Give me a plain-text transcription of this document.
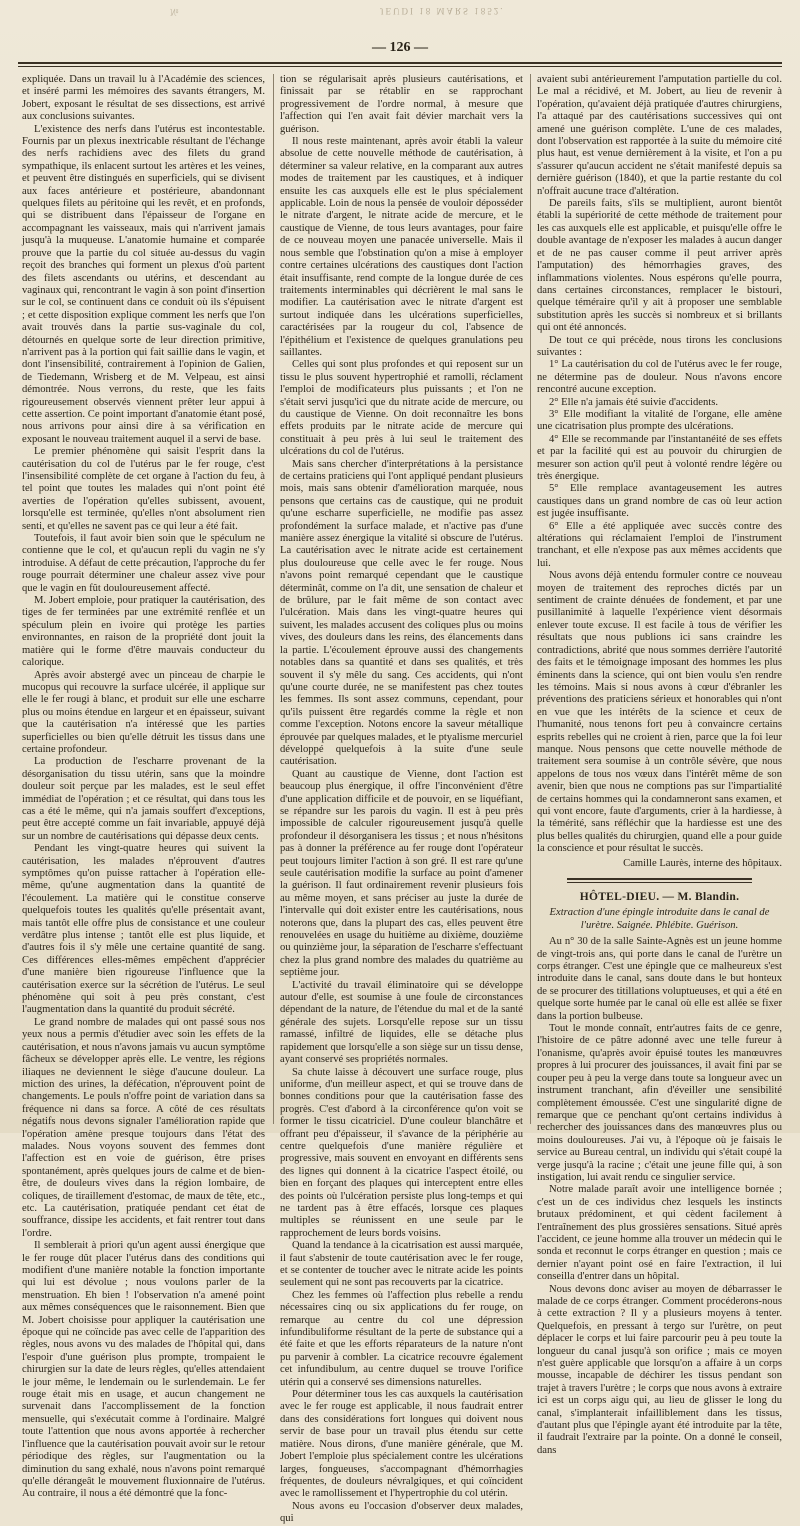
№	JEUDI 18 MARS 1852.
— 126 —

expliquée. Dans un travail lu à l'Académie des sciences, et inséré parmi les mémoires des savants étrangers, M. Jobert, exposant le résultat de ses dissections, est arrivé aux conclusions suivantes.

L'existence des nerfs dans l'utérus est incontestable. Fournis par un plexus inextricable résultant de l'échange des nerfs rachidiens avec des filets du grand sympathique, ils enlacent surtout les artères et les veines, et peuvent être distingués en superficiels, qui se divisent aux faces antérieure et postérieure, abandonnant quelques filets au péritoine qui les revêt, et en profonds, qui se distribuent dans l'épaisseur de l'organe en accompagnant les vaisseaux, mais qui n'arrivent jamais jusqu'à la muqueuse. L'anatomie humaine et comparée prouve que la partie du col située au-dessus du vagin reçoit des branches qui forment un plexus d'où partent des filets ascendants ou utérins, et descendant au vaginaux qui, rencontrant le vagin à son point d'insertion sur le col, se continuent dans ce conduit où ils s'épuisent ; et cette disposition explique comment les nerfs que l'on avait trouvés dans la partie sus-vaginale du col, détournés en quelque sorte de leur direction primitive, n'arrivent pas à la portion qui fait saillie dans le vagin, et dont l'insensibilité, contrairement à l'opinion de Galien, de Tiedemann, Wrisberg et de M. Velpeau, est ainsi démontrée. Nous verrons, du reste, que les faits rigoureusement observés viennent prêter leur appui à cette assertion. Ce point important d'anatomie étant posé, nous arrivons pour ainsi dire à sa vérification en exposant le nouveau traitement auquel il a servi de base.

Le premier phénomène qui saisit l'esprit dans la cautérisation du col de l'utérus par le fer rouge, c'est l'insensibilité complète de cet organe à l'action du feu, à tel point que toutes les malades qui n'ont point été averties de l'opération qu'elles subissent, avouent, lorsqu'elle est terminée, qu'elles n'ont absolument rien senti, et qu'elles ne savent pas ce qui leur a été fait.

Toutefois, il faut avoir bien soin que le spéculum ne contienne que le col, et qu'aucun repli du vagin ne s'y introduise. A défaut de cette précaution, l'approche du fer rouge pourrait déterminer une chaleur assez vive pour que le vagin en fût douloureusement affecté.

M. Jobert emploie, pour pratiquer la cautérisation, des tiges de fer terminées par une extrémité renflée et un spéculum plein en ivoire qui protège les parties environnantes, en raison de la propriété dont jouit la matière qui le forme d'être mauvais conducteur du calorique.

Après avoir abstergé avec un pinceau de charpie le mucopus qui recouvre la surface ulcérée, il applique sur elle le fer rougi à blanc, et produit sur elle une escharre plus ou moins étendue en largeur et en épaisseur, suivant que la cautérisation n'a intéressé que les parties superficielles ou bien qu'elle détruit les tissus dans une certaine profondeur.

La production de l'escharre provenant de la désorganisation du tissu utérin, sans que la moindre douleur soit perçue par les malades, est le seul effet immédiat de l'opération ; et ce résultat, qui dans tous les cas a été le même, qui n'a jamais souffert d'exceptions, peut être accepté comme un fait invariable, appuyé déjà sur un nombre de cautérisations qui dépasse deux cents.

Pendant les vingt-quatre heures qui suivent la cautérisation, les malades n'éprouvent d'autres symptômes qu'on puisse rattacher à l'opération elle-même, qu'une augmentation dans la quantité de l'écoulement. La matière qui le constitue conserve quelquefois toutes les qualités qu'elle présentait avant, mais tantôt elle offre plus de consistance et une couleur verdâtre plus intense ; tantôt elle est plus liquide, et d'autres fois il s'y mêle une certaine quantité de sang. Ces différences elles-mêmes empêchent d'apprécier d'une manière bien rigoureuse l'influence que la cautérisation exerce sur la sécrétion de l'utérus. Le seul phénomène qui soit à peu près constant, c'est l'augmentation dans la quantité du produit sécrété.

Le grand nombre de malades qui ont passé sous nos yeux nous a permis d'étudier avec soin les effets de la cautérisation, et nous n'avons jamais vu aucun symptôme fâcheux se développer après elle. Le ventre, les régions iliaques ne deviennent le siège d'aucune douleur. La miction des urines, la défécation, n'éprouvent point de changements. Le pouls n'offre point de variation dans sa fréquence ni dans sa force. A côté de ces résultats négatifs nous devons signaler l'amélioration rapide que l'opération amène presque toujours dans l'état des malades. Nous voyons souvent des femmes dont l'affection est en voie de guérison, être prises spontanément, après quelques jours de calme et de bien-être, de douleurs vives dans la région lombaire, de coliques, de tiraillement d'estomac, de maux de tête, etc., etc. La cautérisation, pratiquée pendant cet état de souffrance, dissipe les accidents, et fait rentrer tout dans l'ordre.

Il semblerait à priori qu'un agent aussi énergique que le fer rouge dût placer l'utérus dans des conditions qui modifient d'une manière notable la fonction importante qui lui est dévolue ; nous voulons parler de la menstruation. Eh bien ! l'observation n'a amené point aux mêmes conséquences que le raisonnement. Bien que M. Jobert choisisse pour appliquer la cautérisation une époque qui ne coïncide pas avec celle de l'apparition des règles, nous avons vu des malades de l'hôpital qui, dans l'espoir d'une guérison plus prompte, trompaient le chirurgien sur la date de leurs règles, qu'elles attendaient le jour même, le lendemain ou le surlendemain. Le fer rouge était mis en usage, et aucun changement ne survenait dans l'accomplissement de la fonction mensuelle, qui s'exécutait comme à l'ordinaire. Malgré toute l'attention que nous avons apportée à rechercher l'influence que la cautérisation pouvait avoir sur le retour périodique des règles, sur l'augmentation ou la diminution du sang exhalé, nous n'avons point remarqué qu'elle dérangeât le mouvement fluxionnaire de l'utérus. Au contraire, il nous a été démontré que la fonc-

tion se régularisait après plusieurs cautérisations, et finissait par se rétablir en se rapprochant progressivement de l'ordre normal, à mesure que l'affection qui l'en avait fait dévier marchait vers la guérison.

Il nous reste maintenant, après avoir établi la valeur absolue de cette nouvelle méthode de cautérisation, à déterminer sa valeur relative, en la comparant aux autres modes de traitement par les caustiques, et à indiquer ensuite les cas auxquels elle est le plus spécialement applicable. Loin de nous la pensée de vouloir déposséder le nitrate d'argent, le nitrate acide de mercure, et le caustique de Vienne, de tous leurs avantages, pour faire de ce nouveau moyen une panacée universelle. Mais il nous semble que l'obstination qu'on a mise à employer contre certaines ulcérations des caustiques dont l'action était insuffisante, rend compte de la longue durée de ces traitements interminables qui décrièrent le mal sans le modifier. La cautérisation avec le nitrate d'argent est surtout indiquée dans les ulcérations superficielles, caractérisées par la rougeur du col, l'absence de l'épithélium et l'existence de quelques granulations peu saillantes.

Celles qui sont plus profondes et qui reposent sur un tissu le plus souvent hypertrophié et ramolli, réclament l'emploi de modificateurs plus puissants ; et l'on ne s'était servi jusqu'ici que du nitrate acide de mercure, ou du caustique de Vienne. On doit reconnaître les bons effets produits par le nitrate acide de mercure qui constituait à peu près à lui seul le traitement des ulcérations du col de l'utérus.

Mais sans chercher d'interprétations à la persistance de certains praticiens qui l'ont appliqué pendant plusieurs mois, mais sans obtenir d'amélioration marquée, nous pensons que certains cas de caustique, qui ne produit qu'une escharre superficielle, ne modifie pas assez profondément la surface malade, et n'active pas d'une manière assez énergique la vitalité si obscure de l'utérus. La cautérisation avec le nitrate acide est certainement plus douloureuse que celle avec le fer rouge. Nous n'avons point remarqué cependant que le caustique déterminât, comme on l'a dit, une sensation de chaleur et de brûlure, par le fait même de son contact avec l'ulcération. Mais dans les vingt-quatre heures qui suivent, les malades accusent des coliques plus ou moins vives, des douleurs dans les reins, des élancements dans la partie. L'écoulement éprouve aussi des changements notables dans sa quantité et dans ses qualités, et très souvent il s'y mêle du sang. Ces accidents, qui n'ont qu'une courte durée, ne se manifestent pas chez toutes les femmes. Ils sont assez communs, cependant, pour qu'ils puissent être regardés comme la règle et non comme l'exception. Notons encore la saveur métallique éprouvée par quelques malades, et le ptyalisme mercuriel développé quelquefois à la suite d'une seule cautérisation.

Quant au caustique de Vienne, dont l'action est beaucoup plus énergique, il offre l'inconvénient d'être d'une application difficile et de pouvoir, en se liquéfiant, se répandre sur les parois du vagin. Il est à peu près impossible de calculer rigoureusement jusqu'à quelle profondeur il désorganisera les tissus ; et nous n'hésitons pas à donner la préférence au fer rouge dont l'opérateur peut toujours limiter l'action à son gré. Il est rare qu'une seule cautérisation modifie la surface au point d'amener la guérison. Il faut ordinairement revenir plusieurs fois au même moyen, et sans préciser au juste la durée de l'intervalle qui doit exister entre les cautérisations, nous noterons que, dans la plupart des cas, elles peuvent être renouvelées en usage du huitième au dixième, douzième ou quinzième jour, la séparation de l'escharre s'effectuant chez la plus grand nombre des malades du quatrième au septième jour.

L'activité du travail éliminatoire qui se développe autour d'elle, est soumise à une foule de circonstances dépendant de la nature, de l'étendue du mal et de la santé générale des sujets. Lorsqu'elle repose sur un tissu ramassé, infiltré de liquides, elle se détache plus rapidement que lorsqu'elle a son siège sur un tissu dense, ayant conservé ses propriétés normales.

Sa chute laisse à découvert une surface rouge, plus uniforme, d'un meilleur aspect, et qui se trouve dans de bonnes conditions pour que la cautérisation fasse des progrès. C'est d'abord à la circonférence qu'on voit se former le tissu cicatriciel. D'une couleur blanchâtre et offrant peu d'épaisseur, il s'avance de la périphérie au centre quelquefois d'une manière régulière et progressive, mais souvent en envoyant en différents sens des lignes qui donnent à la cicatrice l'aspect étoilé, ou bien en forçant des plaques qui interceptent entre elles des points où l'ulcération persiste plus long-temps et qui ne tardent pas à être effacés, lorsque ces plaques multiples se réunissent en une seule par le rapprochement de leurs bords voisins.

Quand la tendance à la cicatrisation est aussi marquée, il faut s'abstenir de toute cautérisation avec le fer rouge, et se contenter de toucher avec le nitrate acide les points seulement qui ne sont pas recouverts par la cicatrice.

Chez les femmes où l'affection plus rebelle a rendu nécessaires cinq ou six applications du fer rouge, on remarque au centre du col une dépression infundibuliforme résultant de la perte de substance qui a été faite et que les efforts réparateurs de la nature n'ont pu parvenir à combler. La cicatrice recouvre également cet infundibulum, au centre duquel se trouve l'orifice utérin qui a conservé ses dimensions naturelles.

Pour déterminer tous les cas auxquels la cautérisation avec le fer rouge est applicable, il nous faudrait entrer dans des considérations fort longues qui doivent nous servir de base pour un travail plus étendu sur cette matière. Nous dirons, d'une manière générale, que M. Jobert l'emploie plus spécialement contre les ulcérations larges, fongueuses, s'accompagnant d'hémorrhagies fréquentes, de douleurs névralgiques, et qui coïncident avec le ramollissement et l'hypertrophie du col utérin.

Nous avons eu l'occasion d'observer deux malades, qui

avaient subi antérieurement l'amputation partielle du col. Le mal a récidivé, et M. Jobert, au lieu de revenir à l'opération, qu'avaient déjà pratiquée d'autres chirurgiens, l'a attaqué par des cautérisations successives qui ont amené une guérison complète. L'une de ces malades, dont l'observation est rapportée à la suite du mémoire cité plus haut, est venue dernièrement à la visite, et l'on a pu s'assurer qu'aucun accident ne s'était manifesté depuis sa dernière guérison (1840), et que la partie restante du col n'offrait aucune trace d'altération.

De pareils faits, s'ils se multiplient, auront bientôt établi la supériorité de cette méthode de traitement pour les cas auxquels elle est applicable, et puisqu'elle offre le double avantage de n'exposer les malades à aucun danger et de ne pas causer comme il peut arriver après l'amputation) des hémorrhagies graves, des inflammations violentes. Nous espérons qu'elle pourra, dans certaines circonstances, remplacer le bistouri, quelque téméraire qu'il y ait à proposer une semblable substitution après les succès si nombreux et si brillants qui ont été annoncés.

De tout ce qui précède, nous tirons les conclusions suivantes :

1° La cautérisation du col de l'utérus avec le fer rouge, ne détermine pas de douleur. Nous n'avons encore rencontré aucune exception.

2° Elle n'a jamais été suivie d'accidents.

3° Elle modifiant la vitalité de l'organe, elle amène une cicatrisation plus prompte des ulcérations.

4° Elle se recommande par l'instantanéité de ses effets et par la facilité qui est au pouvoir du chirurgien de mesurer son action qu'il peut à volonté rendre légère ou très énergique.

5° Elle remplace avantageusement les autres caustiques dans un grand nombre de cas où leur action est jugée insuffisante.

6° Elle a été appliquée avec succès contre des altérations qui réclamaient l'emploi de l'instrument tranchant, et elle n'expose pas aux mêmes accidents que lui.

Nous avons déjà entendu formuler contre ce nouveau moyen de traitement des reproches dictés par un sentiment de crainte dénuées de fondement, et par une pusillanimité à laquelle l'expérience vient désormais enlever toute excuse. Il est facile à tous de vérifier les résultats que nous publions ici sans craindre les contradictions, abrité que nous sommes derrière l'autorité des faits et le témoignage imposant des hommes les plus éminents dans la science, qui ont bien voulu s'en rendre les témoins. Mais si nous avons à cœur d'ébranler les préventions des praticiens sérieux et honorables qui n'ont en vue que les intérêts de la science et ceux de l'humanité, nous tenons fort peu à convaincre certains esprits rebelles qui ne croient à rien, parce que la foi leur manque. Nous pensons que cette nouvelle méthode de traitement sera soumise à un contrôle sévère, que nous appelons de tous nos vœux dans l'intérêt même de son avenir, bien que nous ne comptions pas sur l'impartialité de certains hommes qui la condamneront sans examen, et qui vont encore, faute d'arguments, crier à la hardiesse, à la témérité, sans réfléchir que la hardiesse est une des plus belles qualités du chirurgien, quand elle a pour guide la conscience et pour résultat le succès.

Camille Laurès, interne des hôpitaux.

HÔTEL-DIEU. — M. Blandin.

Extraction d'une épingle introduite dans le canal de l'urètre. Saignée. Phlébite. Guérison.

Au n° 30 de la salle Sainte-Agnès est un jeune homme de vingt-trois ans, qui porte dans le canal de l'urètre un corps étranger. C'est une épingle que ce malheureux s'est introduite dans le canal, sans doute dans le but honteux de se procurer des titillations voluptueuses, et qui a été en quelque sorte humée par le canal où elle est allée se fixer dans la portion bulbeuse.

Tout le monde connaît, entr'autres faits de ce genre, l'histoire de ce pâtre adonné avec une telle fureur à l'onanisme, qu'après avoir épuisé toutes les manœuvres propres à lui procurer des jouissances, il avait fini par se couper peu à peu la verge dans toute sa longueur avec un instrument tranchant, afin d'éveiller une sensibilité complètement émoussée. C'est une singularité digne de remarque que ce penchant qu'ont certains individus à rechercher des jouissances dans des manœuvres plus ou moins douloureuses. J'ai vu, à l'époque où je faisais le service au Bureau central, un individu qui s'était coupé la verge jusqu'à la racine ; c'était une jeune fille qui, à son instigation, lui avait rendu ce singulier service.

Notre malade paraît avoir une intelligence bornée ; c'est un de ces individus chez lesquels les instincts brutaux prédominent, et qui cèdent facilement à l'entraînement des plus grossières sensations. Situé après l'accident, ce jeune homme alla trouver un médecin qui le sonda et reconnut le corps étranger en question ; mais ce dernier n'ayant point osé en faire l'extraction, il lui conseilla d'entrer dans un hôpital.

Nous devons donc aviser au moyen de débarrasser le malade de ce corps étranger. Comment procéderons-nous à cette extraction ? Il y a plusieurs moyens à tenter. Quelquefois, en pressant à tergo sur l'urètre, on peut déplacer le corps et lui faire parcourir peu à peu toute la longueur du canal jusqu'à son orifice ; mais ce moyen n'est guère applicable que lorsqu'on a affaire à un corps mousse, incapable de déchirer les tissus pendant son trajet à travers l'urètre ; le corps que nous avons à extraire ici est un corps aigu qui, au lieu de glisser le long du canal, s'implanterait infailliblement dans les tissus, d'autant plus que l'épingle ayant été introduite par la tête, il faudrait l'extraire par la pointe. On a donné le conseil, dans
